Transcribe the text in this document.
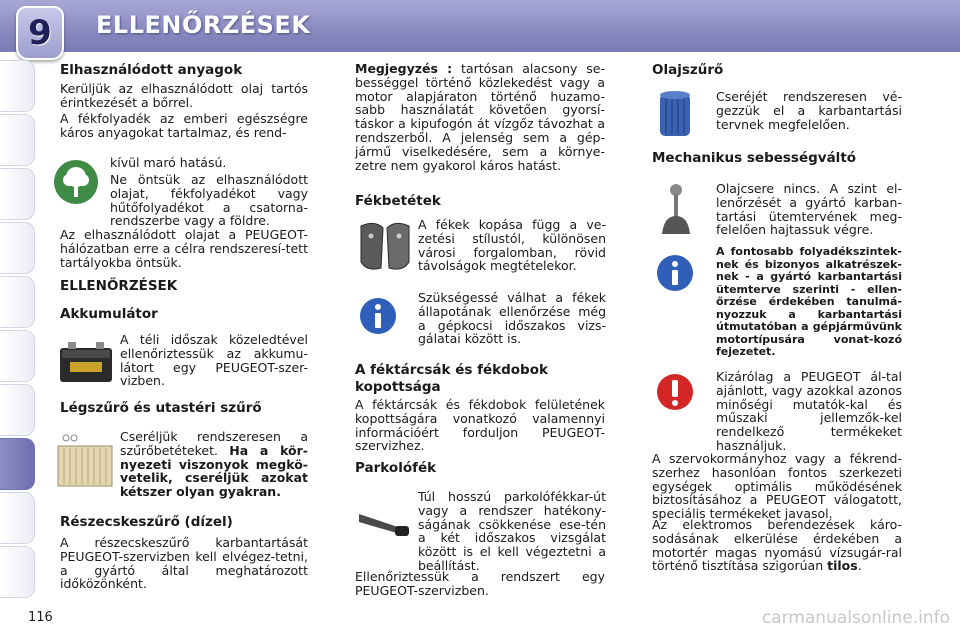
9	ELLENŐRZÉSEK
Elhasználódott anyagok

Kerüljük az elhasználódott olaj tartós érintkezését a bőrrel.

A fékfolyadék az emberi egészségre káros anyagokat tartalmaz, és rend-

kívül maró hatású.

Ne öntsük az elhasználódott olajat, fékfolyadékot vagy hűtőfolyadékot a csatorna-rendszerbe vagy a földre.

Az elhasználódott olajat a PEUGEOT-hálózatban erre a célra rendszeresí-tett tartályokba öntsük.

ELLENŐRZÉSEK
Akkumulátor

A téli időszak közeledtével ellenőriztessük az akkumu-látort egy PEUGEOT-szer-vizben.

Légszűrő és utastéri szűrő

Cseréljük rendszeresen a szűrőbetéteket. Ha a kör-nyezeti viszonyok megkö-vetelik, cseréljük azokat kétszer olyan gyakran.

Részecskeszűrő (dízel)

A részecskeszűrő karbantartását PEUGEOT-szervizben kell elvégez-tetni, a gyártó által meghatározott időközönként.

Megjegyzés : tartósan alacsony se-bességgel történő közlekedést vagy a motor alapjáraton történő huzamo-sabb használatát követően gyorsí-táskor a kipufogón át vízgőz távozhat a rendszerből. A jelenség sem a gép-jármű viselkedésére, sem a környe-zetre nem gyakorol káros hatást.

Fékbetétek

A fékek kopása függ a ve-zetési stílustól, különösen városi forgalomban, rövid távolságok megtételekor.

Szükségessé válhat a fékek állapotának ellenőrzése még a gépkocsi időszakos vizs-gálatai között is.

A féktárcsák és fékdobok kopottsága

A féktárcsák és fékdobok felületének kopottságára vonatkozó valamennyi információért forduljon PEUGEOT-szervizhez.

Parkolófék

Túl hosszú parkolófékkar-út vagy a rendszer hatékony-ságának csökkenése ese-tén a két időszakos vizsgálat között is el kell végeztetni a beállítást.

Ellenőriztessük a rendszert egy PEUGEOT-szervizben.

Olajszűrő

Cseréjét rendszeresen vé-gezzük el a karbantartási tervnek megfelelően.

Mechanikus sebességváltó

Olajcsere nincs. A szint el-lenőrzését a gyártó karban-tartási ütemtervének meg-felelően hajtassuk végre.

A fontosabb folyadékszintek-nek és bizonyos alkatrészek-nek - a gyártó karbantartási ütemterve szerinti - ellen-őrzése érdekében tanulmá-nyozzuk a karbantartási útmutatóban a gépjárművünk motortípusára vonat-kozó fejezetet.

Kizárólag a PEUGEOT ál-tal ajánlott, vagy azokkal azonos minőségi mutatók-kal és műszaki jellemzők-kel rendelkező termékeket használjuk.

A szervokormányhoz vagy a fékrend-szerhez hasonlóan fontos szerkezeti egységek optimális működésének biztosításához a PEUGEOT válogatott, speciális termékeket javasol.

Az elektromos berendezések káro-sodásának elkerülése érdekében a motortér magas nyomású vízsugár-ral történő tisztítása szigorúan tilos.

116	carmanualsonline.info
